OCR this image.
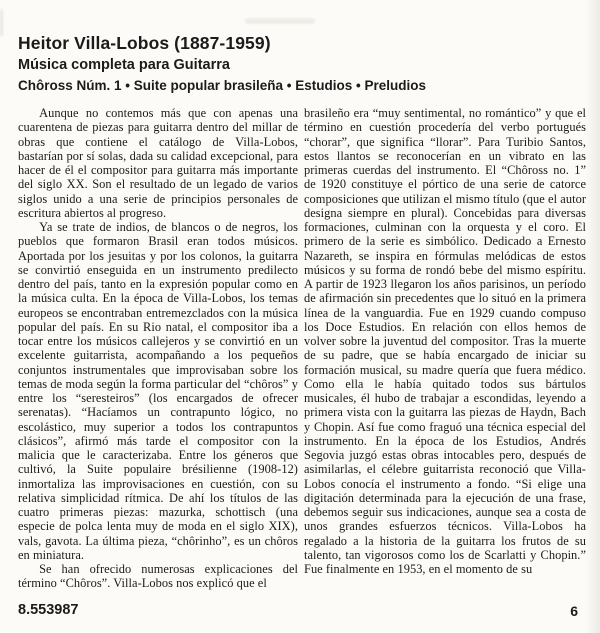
Heitor Villa-Lobos (1887-1959)
Música completa para Guitarra
Chôross Núm. 1 • Suite popular brasileña • Estudios • Preludios

Aunque no contemos más que con apenas una cuarentena de piezas para guitarra dentro del millar de obras que contiene el catálogo de Villa-Lobos, bastarían por sí solas, dada su calidad excepcional, para hacer de él el compositor para guitarra más importante del siglo XX. Son el resultado de un legado de varios siglos unido a una serie de principios personales de escritura abiertos al progreso.

Ya se trate de indios, de blancos o de negros, los pueblos que formaron Brasil eran todos músicos. Aportada por los jesuitas y por los colonos, la guitarra se convirtió enseguida en un instrumento predilecto dentro del país, tanto en la expresión popular como en la música culta. En la época de Villa-Lobos, los temas europeos se encontraban entremezclados con la música popular del país. En su Rio natal, el compositor iba a tocar entre los músicos callejeros y se convirtió en un excelente guitarrista, acompañando a los pequeños conjuntos instrumentales que improvisaban sobre los temas de moda según la forma particular del “chôros” y entre los “seresteiros” (los encargados de ofrecer serenatas). “Hacíamos un contrapunto lógico, no escolástico, muy superior a todos los contrapuntos clásicos”, afirmó más tarde el compositor con la malicia que le caracterizaba. Entre los géneros que cultivó, la Suite populaire brésilienne (1908-12) inmortaliza las improvisaciones en cuestión, con su relativa simplicidad rítmica. De ahí los títulos de las cuatro primeras piezas: mazurka, schottisch (una especie de polca lenta muy de moda en el siglo XIX), vals, gavota. La última pieza, “chôrinho”, es un chôros en miniatura.

Se han ofrecido numerosas explicaciones del término “Chôros”. Villa-Lobos nos explicó que el

brasileño era “muy sentimental, no romántico” y que el término en cuestión procedería del verbo portugués “chorar”, que significa “llorar”. Para Turibio Santos, estos llantos se reconocerían en un vibrato en las primeras cuerdas del instrumento. El “Chôross no. 1” de 1920 constituye el pórtico de una serie de catorce composiciones que utilizan el mismo título (que el autor designa siempre en plural). Concebidas para diversas formaciones, culminan con la orquesta y el coro. El primero de la serie es simbólico. Dedicado a Ernesto Nazareth, se inspira en fórmulas melódicas de estos músicos y su forma de rondó bebe del mismo espíritu. A partir de 1923 llegaron los años parisinos, un período de afirmación sin precedentes que lo situó en la primera línea de la vanguardia. Fue en 1929 cuando compuso los Doce Estudios. En relación con ellos hemos de volver sobre la juventud del compositor. Tras la muerte de su padre, que se había encargado de iniciar su formación musical, su madre quería que fuera médico. Como ella le había quitado todos sus bártulos musicales, él hubo de trabajar a escondidas, leyendo a primera vista con la guitarra las piezas de Haydn, Bach y Chopin. Así fue como fraguó una técnica especial del instrumento. En la época de los Estudios, Andrés Segovia juzgó estas obras intocables pero, después de asimilarlas, el célebre guitarrista reconoció que Villa-Lobos conocía el instrumento a fondo. “Si elige una digitación determinada para la ejecución de una frase, debemos seguir sus indicaciones, aunque sea a costa de unos grandes esfuerzos técnicos. Villa-Lobos ha regalado a la historia de la guitarra los frutos de su talento, tan vigorosos como los de Scarlatti y Chopin.” Fue finalmente en 1953, en el momento de su

8.553987	6
